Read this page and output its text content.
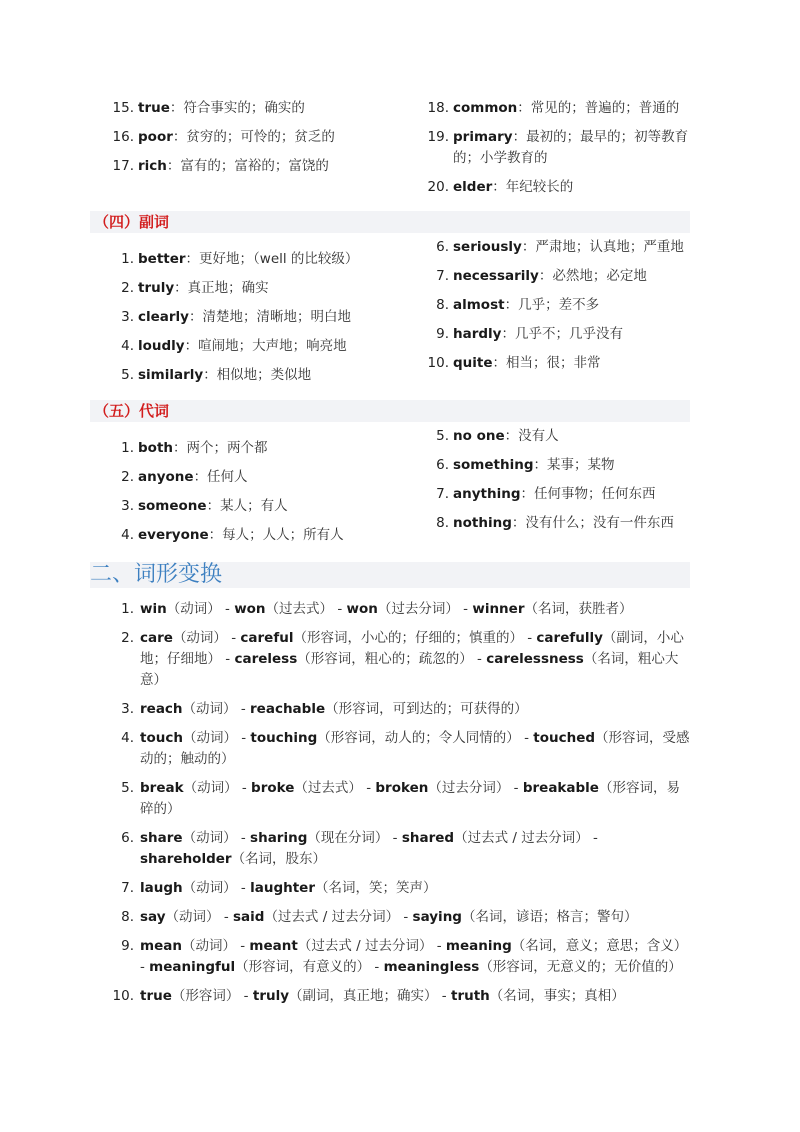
15. true：符合事实的；确实的
16. poor：贫穷的；可怜的；贫乏的
17. rich：富有的；富裕的；富饶的
18. common：常见的；普遍的；普通的
19. primary：最初的；最早的；初等教育的；小学教育的
20. elder：年纪较长的
（四）副词
1. better：更好地；（well 的比较级）
2. truly：真正地；确实
3. clearly：清楚地；清晰地；明白地
4. loudly：喧闹地；大声地；响亮地
5. similarly：相似地；类似地
6. seriously：严肃地；认真地；严重地
7. necessarily：必然地；必定地
8. almost：几乎；差不多
9. hardly：几乎不；几乎没有
10. quite：相当；很；非常
（五）代词
1. both：两个；两个都
2. anyone：任何人
3. someone：某人；有人
4. everyone：每人；人人；所有人
5. no one：没有人
6. something：某事；某物
7. anything：任何事物；任何东西
8. nothing：没有什么；没有一件东西
二、词形变换
1. win（动词） - won（过去式） - won（过去分词） - winner（名词，获胜者）
2. care（动词） - careful（形容词，小心的；仔细的；慎重的） - carefully（副词，小心地；仔细地） - careless（形容词，粗心的；疏忽的） - carelessness（名词，粗心大意）
3. reach（动词） - reachable（形容词，可到达的；可获得的）
4. touch（动词） - touching（形容词，动人的；令人同情的） - touched（形容词，受感动的；触动的）
5. break（动词） - broke（过去式） - broken（过去分词） - breakable（形容词，易碎的）
6. share（动词） - sharing（现在分词） - shared（过去式 / 过去分词） - shareholder（名词，股东）
7. laugh（动词） - laughter（名词，笑；笑声）
8. say（动词） - said（过去式 / 过去分词） - saying（名词，谚语；格言；警句）
9. mean（动词） - meant（过去式 / 过去分词） - meaning（名词，意义；意思；含义） - meaningful（形容词，有意义的） - meaningless（形容词，无意义的；无价值的）
10. true（形容词） - truly（副词，真正地；确实） - truth（名词，事实；真相）
